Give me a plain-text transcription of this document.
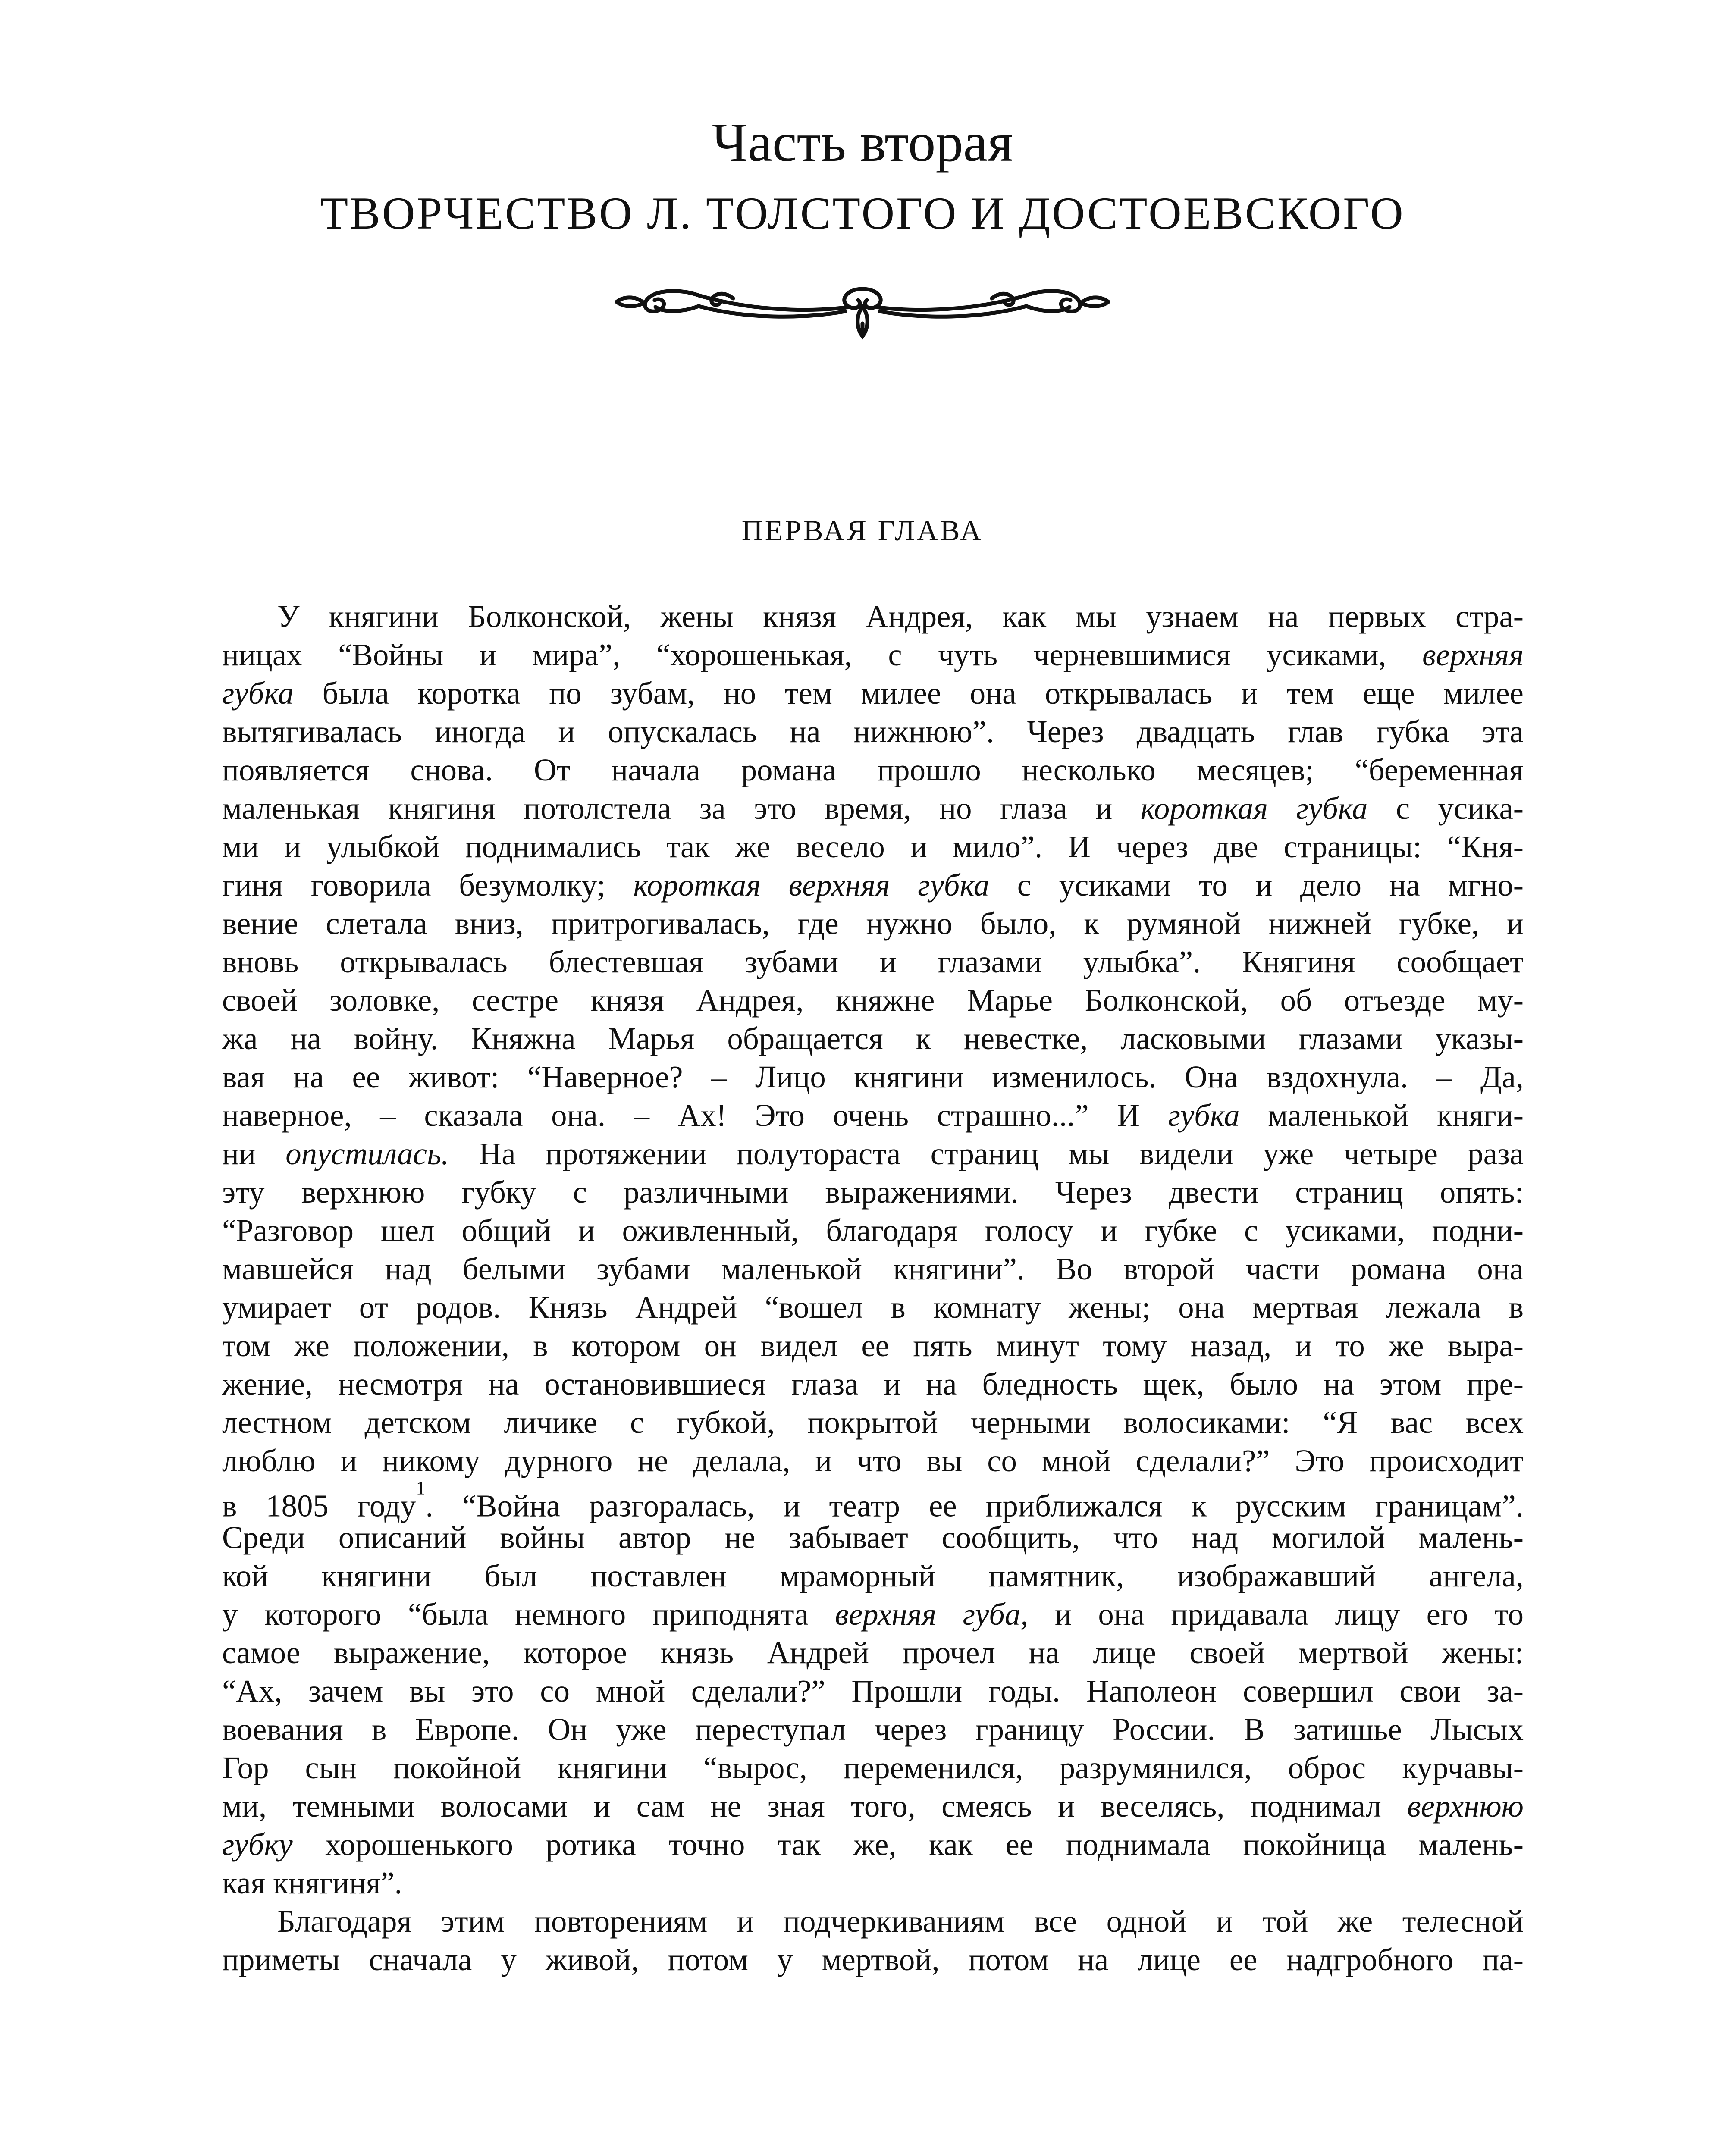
Часть вторая
ТВОРЧЕСТВО Л. ТОЛСТОГО И ДОСТОЕВСКОГО
ПЕРВАЯ ГЛАВА
У княгини Болконской, жены князя Андрея, как мы узнаем на первых стра-
ницах “Войны и мира”, “хорошенькая, с чуть черневшимися усиками, верхняя
губка была коротка по зубам, но тем милее она открывалась и тем еще милее
вытягивалась иногда и опускалась на нижнюю”. Через двадцать глав губка эта
появляется снова. От начала романа прошло несколько месяцев; “беременная
маленькая княгиня потолстела за это время, но глаза и короткая губка с усика-
ми и улыбкой поднимались так же весело и мило”. И через две страницы: “Кня-
гиня говорила безумолку; короткая верхняя губка с усиками то и дело на мгно-
вение слетала вниз, притрогивалась, где нужно было, к румяной нижней губке, и
вновь открывалась блестевшая зубами и глазами улыбка”. Княгиня сообщает
своей золовке, сестре князя Андрея, княжне Марье Болконской, об отъезде му-
жа на войну. Княжна Марья обращается к невестке, ласковыми глазами указы-
вая на ее живот: “Наверное? – Лицо княгини изменилось. Она вздохнула. – Да,
наверное, – сказала она. – Ах! Это очень страшно...” И губка маленькой княги-
ни опустилась. На протяжении полутораста страниц мы видели уже четыре раза
эту верхнюю губку с различными выражениями. Через двести страниц опять:
“Разговор шел общий и оживленный, благодаря голосу и губке с усиками, подни-
мавшейся над белыми зубами маленькой княгини”. Во второй части романа она
умирает от родов. Князь Андрей “вошел в комнату жены; она мертвая лежала в
том же положении, в котором он видел ее пять минут тому назад, и то же выра-
жение, несмотря на остановившиеся глаза и на бледность щек, было на этом пре-
лестном детском личике с губкой, покрытой черными волосиками: “Я вас всех
люблю и никому дурного не делала, и что вы со мной сделали?” Это происходит
в 1805 году$^1$. “Война разгоралась, и театр ее приближался к русским границам”.
Среди описаний войны автор не забывает сообщить, что над могилой малень-
кой княгини был поставлен мраморный памятник, изображавший ангела,
у которого “была немного приподнята верхняя губа, и она придавала лицу его то
самое выражение, которое князь Андрей прочел на лице своей мертвой жены:
“Ах, зачем вы это со мной сделали?” Прошли годы. Наполеон совершил свои за-
воевания в Европе. Он уже переступал через границу России. В затишье Лысых
Гор сын покойной княгини “вырос, переменился, разрумянился, оброс курчавы-
ми, темными волосами и сам не зная того, смеясь и веселясь, поднимал верхнюю
губку хорошенького ротика точно так же, как ее поднимала покойница малень-
кая княгиня”.
Благодаря этим повторениям и подчеркиваниям все одной и той же телесной
приметы сначала у живой, потом у мертвой, потом на лице ее надгробного па-
